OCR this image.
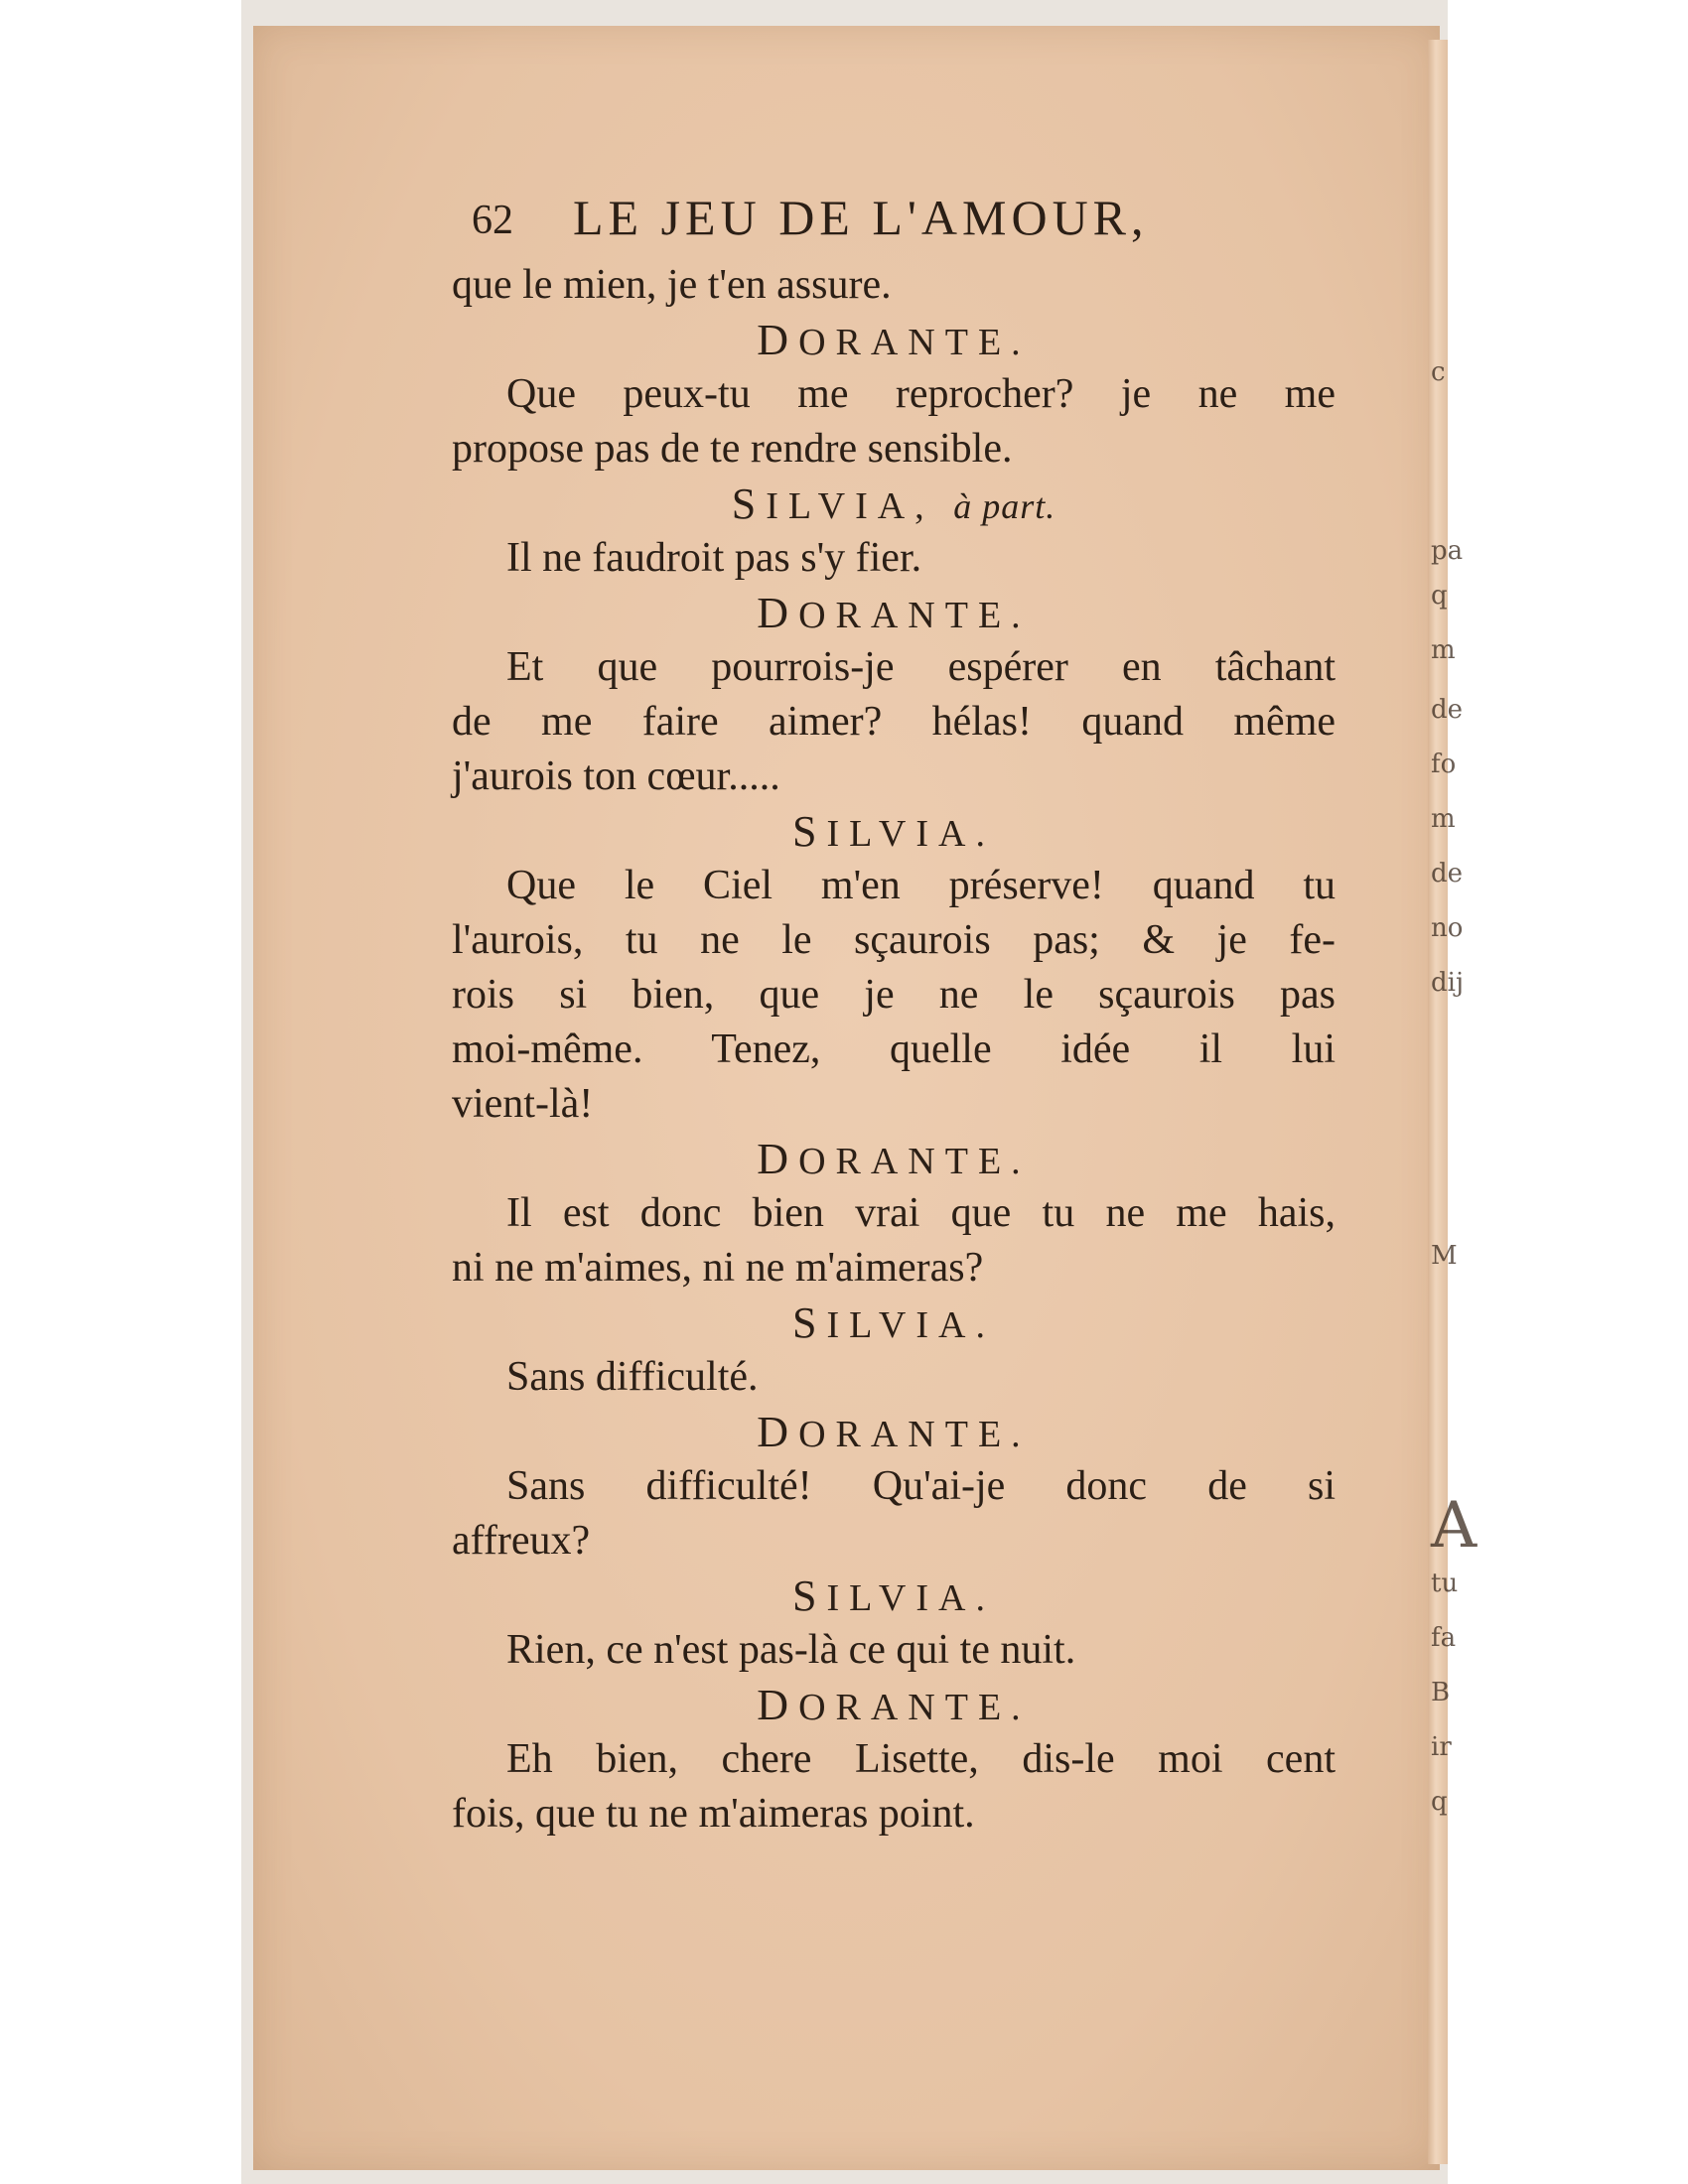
c
pa
q
m
de
fo
m
de
no
dij
M
A
tu
fa
B
ir
q
62 LE JEU DE L'AMOUR,
que le mien, je t'en assure.
DORANTE.
Que peux-tu me reprocher? je ne me
propose pas de te rendre sensible.
SILVIA, à part.
Il ne faudroit pas s'y fier.
DORANTE.
Et que pourrois-je espérer en tâchant
de me faire aimer? hélas! quand même
j'aurois ton cœur.....
SILVIA.
Que le Ciel m'en préserve! quand tu
l'aurois, tu ne le sçaurois pas; & je fe-
rois si bien, que je ne le sçaurois pas
moi-même. Tenez, quelle idée il lui
vient-là!
DORANTE.
Il est donc bien vrai que tu ne me hais,
ni ne m'aimes, ni ne m'aimeras?
SILVIA.
Sans difficulté.
DORANTE.
Sans difficulté! Qu'ai-je donc de si
affreux?
SILVIA.
Rien, ce n'est pas-là ce qui te nuit.
DORANTE.
Eh bien, chere Lisette, dis-le moi cent
fois, que tu ne m'aimeras point.
